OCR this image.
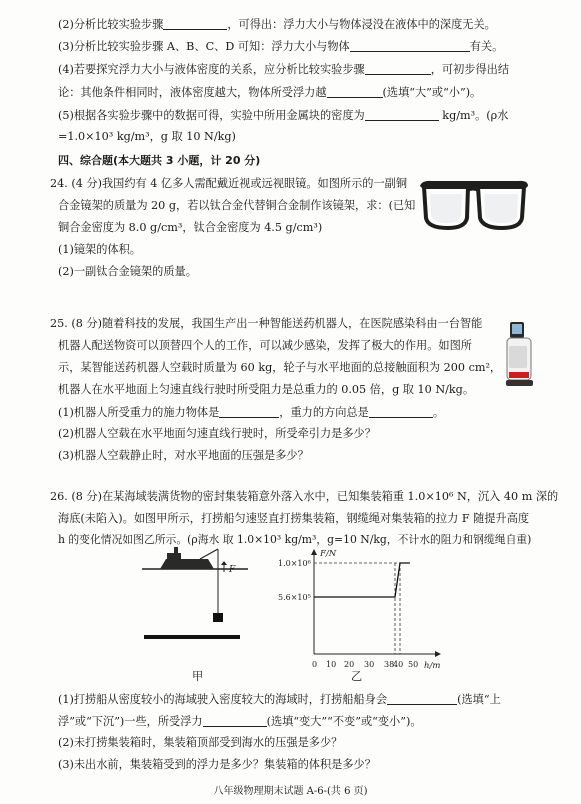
(2)分析比较实验步骤	，可得出：浮力大小与物体浸没在液体中的深度无关。
(3)分析比较实验步骤 A、B、C、D 可知：浮力大小与物体	有关。
(4)若要探究浮力大小与液体密度的关系，应分析比较实验步骤	，可初步得出结
论：其他条件相同时，液体密度越大，物体所受浮力越	(选填“大”或“小”)。
(5)根据各实验步骤中的数据可得，实验中所用金属块的密度为	kg/m³。(ρ水
=1.0×10³ kg/m³，g 取 10 N/kg)
四、综合题(本大题共 3 小题，计 20 分)
24. (4 分)我国约有 4 亿多人需配戴近视或远视眼镜。如图所示的一副铜
合金镜架的质量为 20 g，若以钛合金代替铜合金制作该镜架，求：(已知
铜合金密度为 8.0 g/cm³，钛合金密度为 4.5 g/cm³)
(1)镜架的体积。
(2)一副钛合金镜架的质量。
25. (8 分)随着科技的发展，我国生产出一种智能送药机器人，在医院感染科由一台智能
机器人配送物资可以顶替四个人的工作，可以减少感染，发挥了极大的作用。如图所
示，某智能送药机器人空载时质量为 60 kg，轮子与水平地面的总接触面积为 200 cm²，
机器人在水平地面上匀速直线行驶时所受阻力是总重力的 0.05 倍，g 取 10 N/kg。
(1)机器人所受重力的施力物体是	，重力的方向总是	。
(2)机器人空载在水平地面匀速直线行驶时，所受牵引力是多少？
(3)机器人空载静止时，对水平地面的压强是多少？
26. (8 分)在某海域装满货物的密封集装箱意外落入水中，已知集装箱重 1.0×10⁶ N，沉入 40 m 深的
海底(未陷入)。如图甲所示，打捞船匀速竖直打捞集装箱，钢缆绳对集装箱的拉力 F 随提升高度
h 的变化情况如图乙所示。(ρ海水 取 1.0×10³ kg/m³，g=10 N/kg，不计水的阻力和钢缆绳自重)
F
甲
F/N
h/m
1.0×10⁶
5.6×10⁵
0 10 20 30 38
40 50
乙
(1)打捞船从密度较小的海域驶入密度较大的海域时，打捞船船身会	(选填“上
浮”或“下沉”)一些，所受浮力	(选填“变大”“不变”或“变小”)。
(2)未打捞集装箱时，集装箱顶部受到海水的压强是多少？
(3)未出水前，集装箱受到的浮力是多少？集装箱的体积是多少？
八年级物理期末试题 A-6-(共 6 页)
